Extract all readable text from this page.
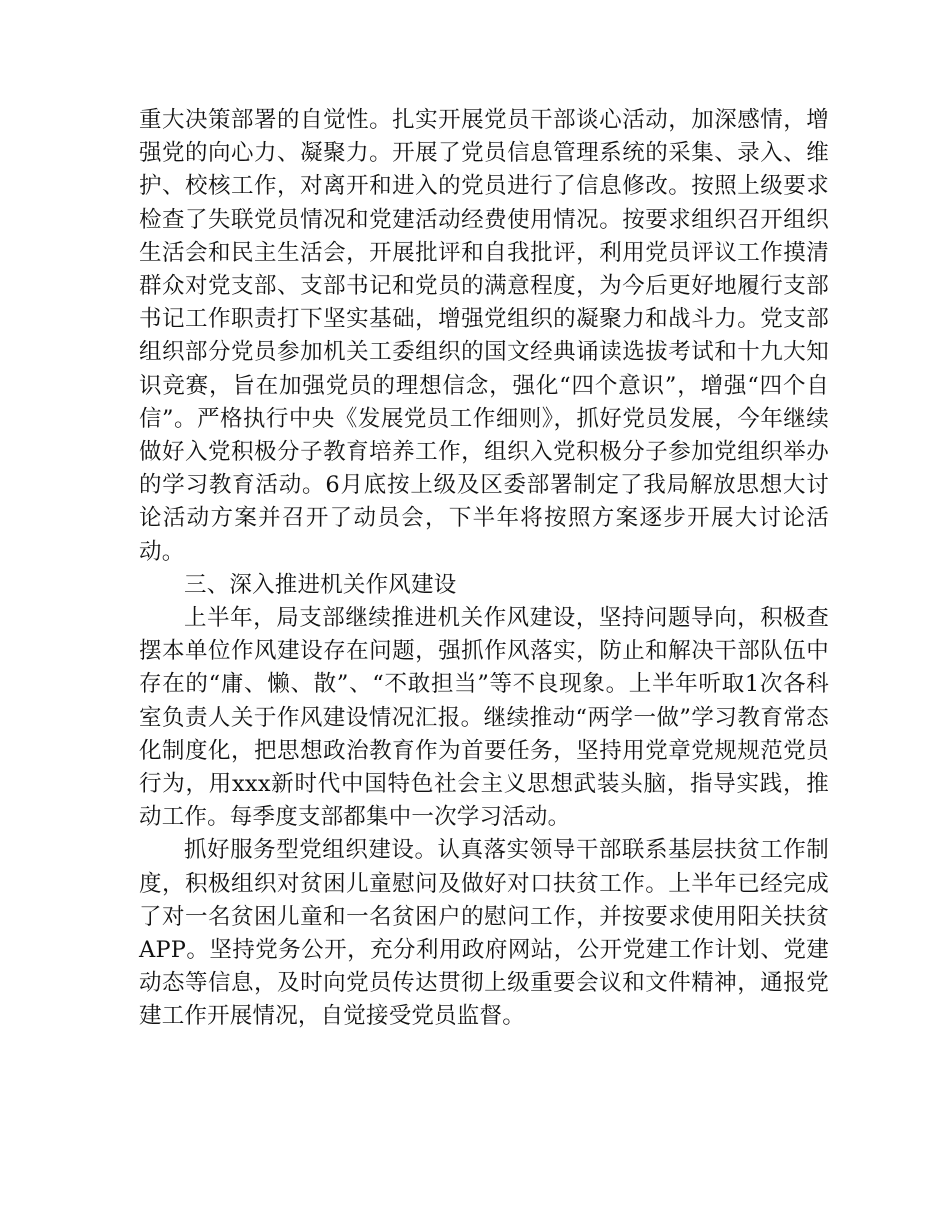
重大决策部署的自觉性。扎实开展党员干部谈心活动，加深感情，增强党的向心力、凝聚力。开展了党员信息管理系统的采集、录入、维护、校核工作，对离开和进入的党员进行了信息修改。按照上级要求检查了失联党员情况和党建活动经费使用情况。按要求组织召开组织生活会和民主生活会，开展批评和自我批评，利用党员评议工作摸清群众对党支部、支部书记和党员的满意程度，为今后更好地履行支部书记工作职责打下坚实基础，增强党组织的凝聚力和战斗力。党支部组织部分党员参加机关工委组织的国文经典诵读选拔考试和十九大知识竞赛，旨在加强党员的理想信念，强化“四个意识”，增强“四个自信”。严格执行中央《发展党员工作细则》，抓好党员发展，今年继续做好入党积极分子教育培养工作，组织入党积极分子参加党组织举办的学习教育活动。6月底按上级及区委部署制定了我局解放思想大讨论活动方案并召开了动员会，下半年将按照方案逐步开展大讨论活动。

三、深入推进机关作风建设

上半年，局支部继续推进机关作风建设，坚持问题导向，积极查摆本单位作风建设存在问题，强抓作风落实，防止和解决干部队伍中存在的“庸、懒、散”、“不敢担当”等不良现象。上半年听取1次各科室负责人关于作风建设情况汇报。继续推动“两学一做”学习教育常态化制度化，把思想政治教育作为首要任务，坚持用党章党规规范党员行为，用xxx新时代中国特色社会主义思想武装头脑，指导实践，推动工作。每季度支部都集中一次学习活动。

抓好服务型党组织建设。认真落实领导干部联系基层扶贫工作制度，积极组织对贫困儿童慰问及做好对口扶贫工作。上半年已经完成了对一名贫困儿童和一名贫困户的慰问工作，并按要求使用阳关扶贫APP。坚持党务公开，充分利用政府网站，公开党建工作计划、党建动态等信息，及时向党员传达贯彻上级重要会议和文件精神，通报党建工作开展情况，自觉接受党员监督。
